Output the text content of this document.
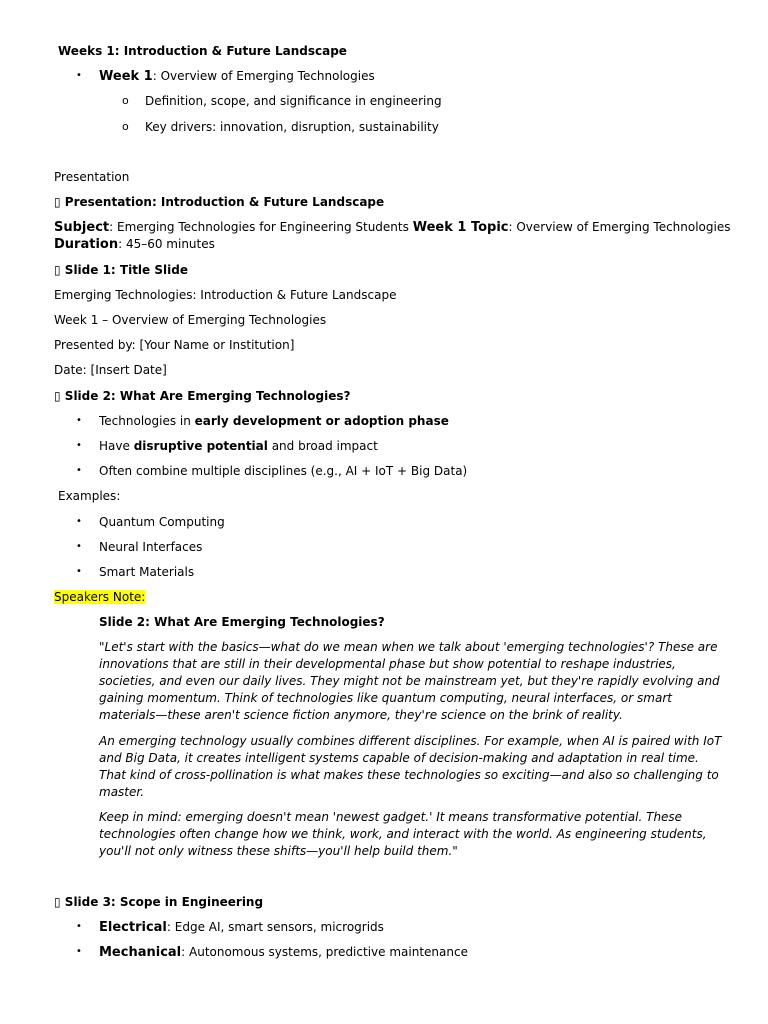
Weeks 1: Introduction & Future Landscape
• Week 1: Overview of Emerging Technologies
o Definition, scope, and significance in engineering
o Key drivers: innovation, disruption, sustainability
Presentation
▯ Presentation: Introduction & Future Landscape
Subject: Emerging Technologies for Engineering Students Week 1 Topic: Overview of Emerging Technologies
Duration: 45–60 minutes
▯ Slide 1: Title Slide
Emerging Technologies: Introduction & Future Landscape
Week 1 – Overview of Emerging Technologies
Presented by: [Your Name or Institution]
Date: [Insert Date]
▯ Slide 2: What Are Emerging Technologies?
• Technologies in early development or adoption phase
• Have disruptive potential and broad impact
• Often combine multiple disciplines (e.g., AI + IoT + Big Data)
Examples:
• Quantum Computing
• Neural Interfaces
• Smart Materials
Speakers Note:
Slide 2: What Are Emerging Technologies?
"Let's start with the basics—what do we mean when we talk about 'emerging technologies'? These are innovations that are still in their developmental phase but show potential to reshape industries, societies, and even our daily lives. They might not be mainstream yet, but they're rapidly evolving and gaining momentum. Think of technologies like quantum computing, neural interfaces, or smart materials—these aren't science fiction anymore, they're science on the brink of reality.
An emerging technology usually combines different disciplines. For example, when AI is paired with IoT and Big Data, it creates intelligent systems capable of decision-making and adaptation in real time. That kind of cross-pollination is what makes these technologies so exciting—and also so challenging to master.
Keep in mind: emerging doesn't mean 'newest gadget.' It means transformative potential. These technologies often change how we think, work, and interact with the world. As engineering students, you'll not only witness these shifts—you'll help build them."
▯ Slide 3: Scope in Engineering
• Electrical: Edge AI, smart sensors, microgrids
• Mechanical: Autonomous systems, predictive maintenance
